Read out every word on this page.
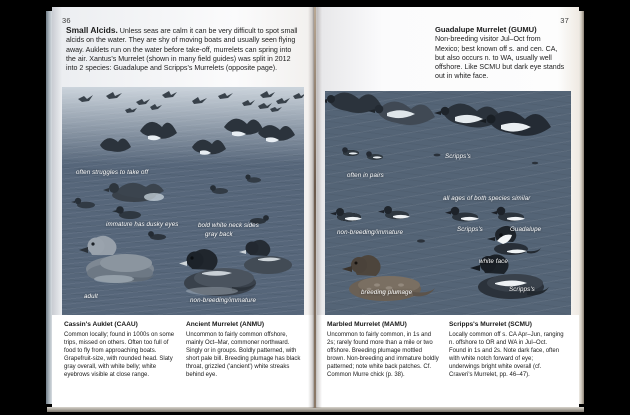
36
Small Alcids. Unless seas are calm it can be very difficult to spot small alcids on the water. They are shy of moving boats and usually seen flying away. Auklets run on the water before take-off, murrelets can spring into the air. Xantus's Murrelet (shown in many field guides) was split in 2012 into 2 species: Guadalupe and Scripps's Murrelets (opposite page).
often struggles to take off
immature has dusky eyes	bold white neck sides
gray back
adult
non-breeding/immature
Cassin's Auklet (CAAU)
Common locally; found in 1000s on some trips, missed on others. Often too full of food to fly from approaching boats. Grapefruit-size, with rounded head. Slaty gray overall, with white belly; white eyebrows visible at close range.
Ancient Murrelet (ANMU)
Uncommon to fairly common offshore, mainly Oct–Mar, commoner northward. Singly or in groups. Boldly patterned, with short pale bill. Breeding plumage has black throat, grizzled ('ancient') white streaks behind eye.
37
Guadalupe Murrelet (GUMU)
Non-breeding visitor Jul–Oct from Mexico; best known off s. and cen. CA, but also occurs n. to WA, usually well offshore. Like SCMU but dark eye stands out in white face.
Scripps's
often in pairs
all ages of both species similar
non-breeding/immature	Scripps's	Guadalupe
white face
breeding plumage	Scripps's
Marbled Murrelet (MAMU)
Uncommon to fairly common, in 1s and 2s; rarely found more than a mile or two offshore. Breeding plumage mottled brown. Non-breeding and immature boldly patterned; note white back patches. Cf. Common Murre chick (p. 38).
Scripps's Murrelet (SCMU)
Locally common off s. CA Apr–Jun, ranging n. offshore to OR and WA in Jul–Oct. Found in 1s and 2s. Note dark face, often with white notch forward of eye; underwings bright white overall (cf. Craveri's Murrelet, pp. 46–47).
